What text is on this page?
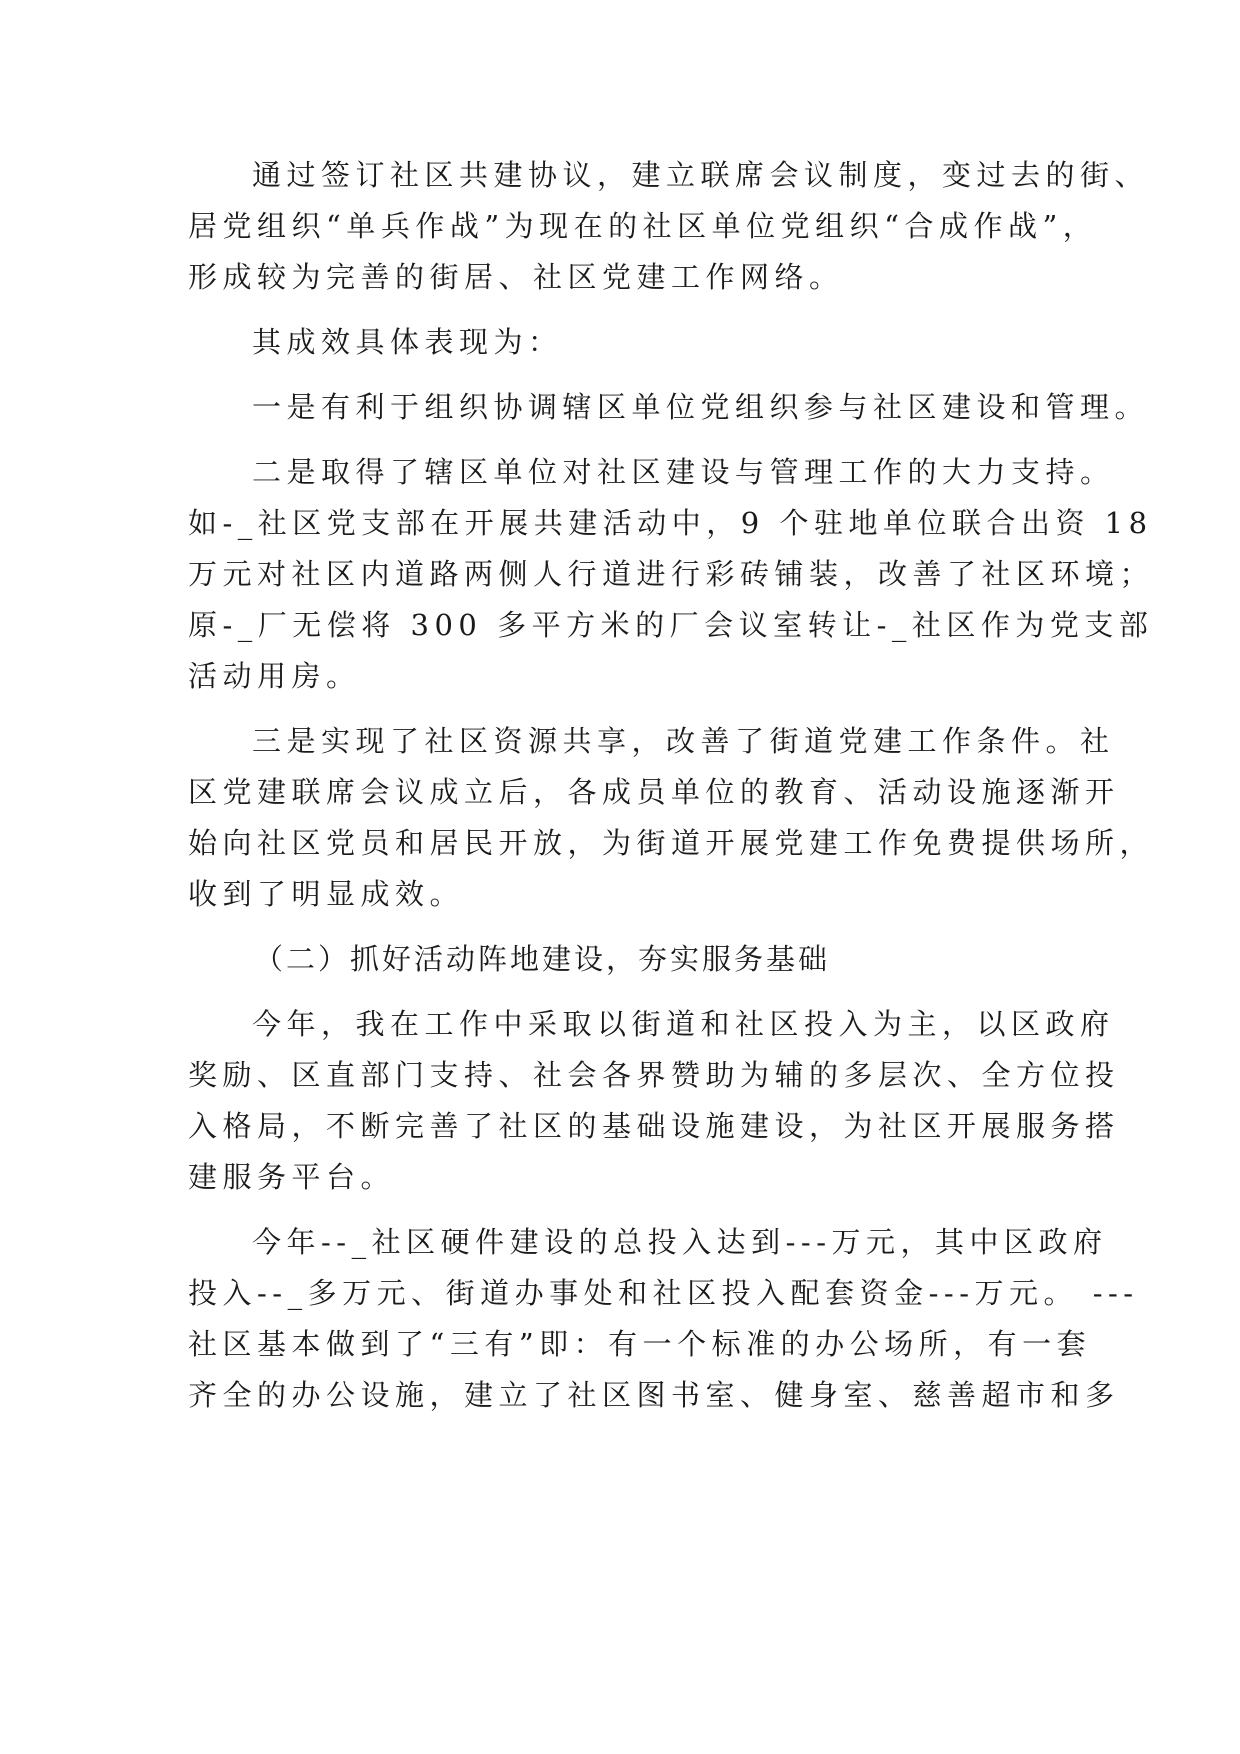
通过签订社区共建协议，建立联席会议制度，变过去的街、
居党组织“单兵作战”为现在的社区单位党组织“合成作战”，
形成较为完善的街居、社区党建工作网络。

其成效具体表现为：

一是有利于组织协调辖区单位党组织参与社区建设和管理。

二是取得了辖区单位对社区建设与管理工作的大力支持。
如-_社区党支部在开展共建活动中，9 个驻地单位联合出资 18
万元对社区内道路两侧人行道进行彩砖铺装，改善了社区环境；
原-_厂无偿将 300 多平方米的厂会议室转让-_社区作为党支部
活动用房。

三是实现了社区资源共享，改善了街道党建工作条件。社
区党建联席会议成立后，各成员单位的教育、活动设施逐渐开
始向社区党员和居民开放，为街道开展党建工作免费提供场所，
收到了明显成效。

（二）抓好活动阵地建设，夯实服务基础

今年，我在工作中采取以街道和社区投入为主，以区政府
奖励、区直部门支持、社会各界赞助为辅的多层次、全方位投
入格局，不断完善了社区的基础设施建设，为社区开展服务搭
建服务平台。

今年--_社区硬件建设的总投入达到---万元，其中区政府
投入--_多万元、街道办事处和社区投入配套资金---万元。 ---
社区基本做到了“三有”即：有一个标准的办公场所，有一套
齐全的办公设施，建立了社区图书室、健身室、慈善超市和多
